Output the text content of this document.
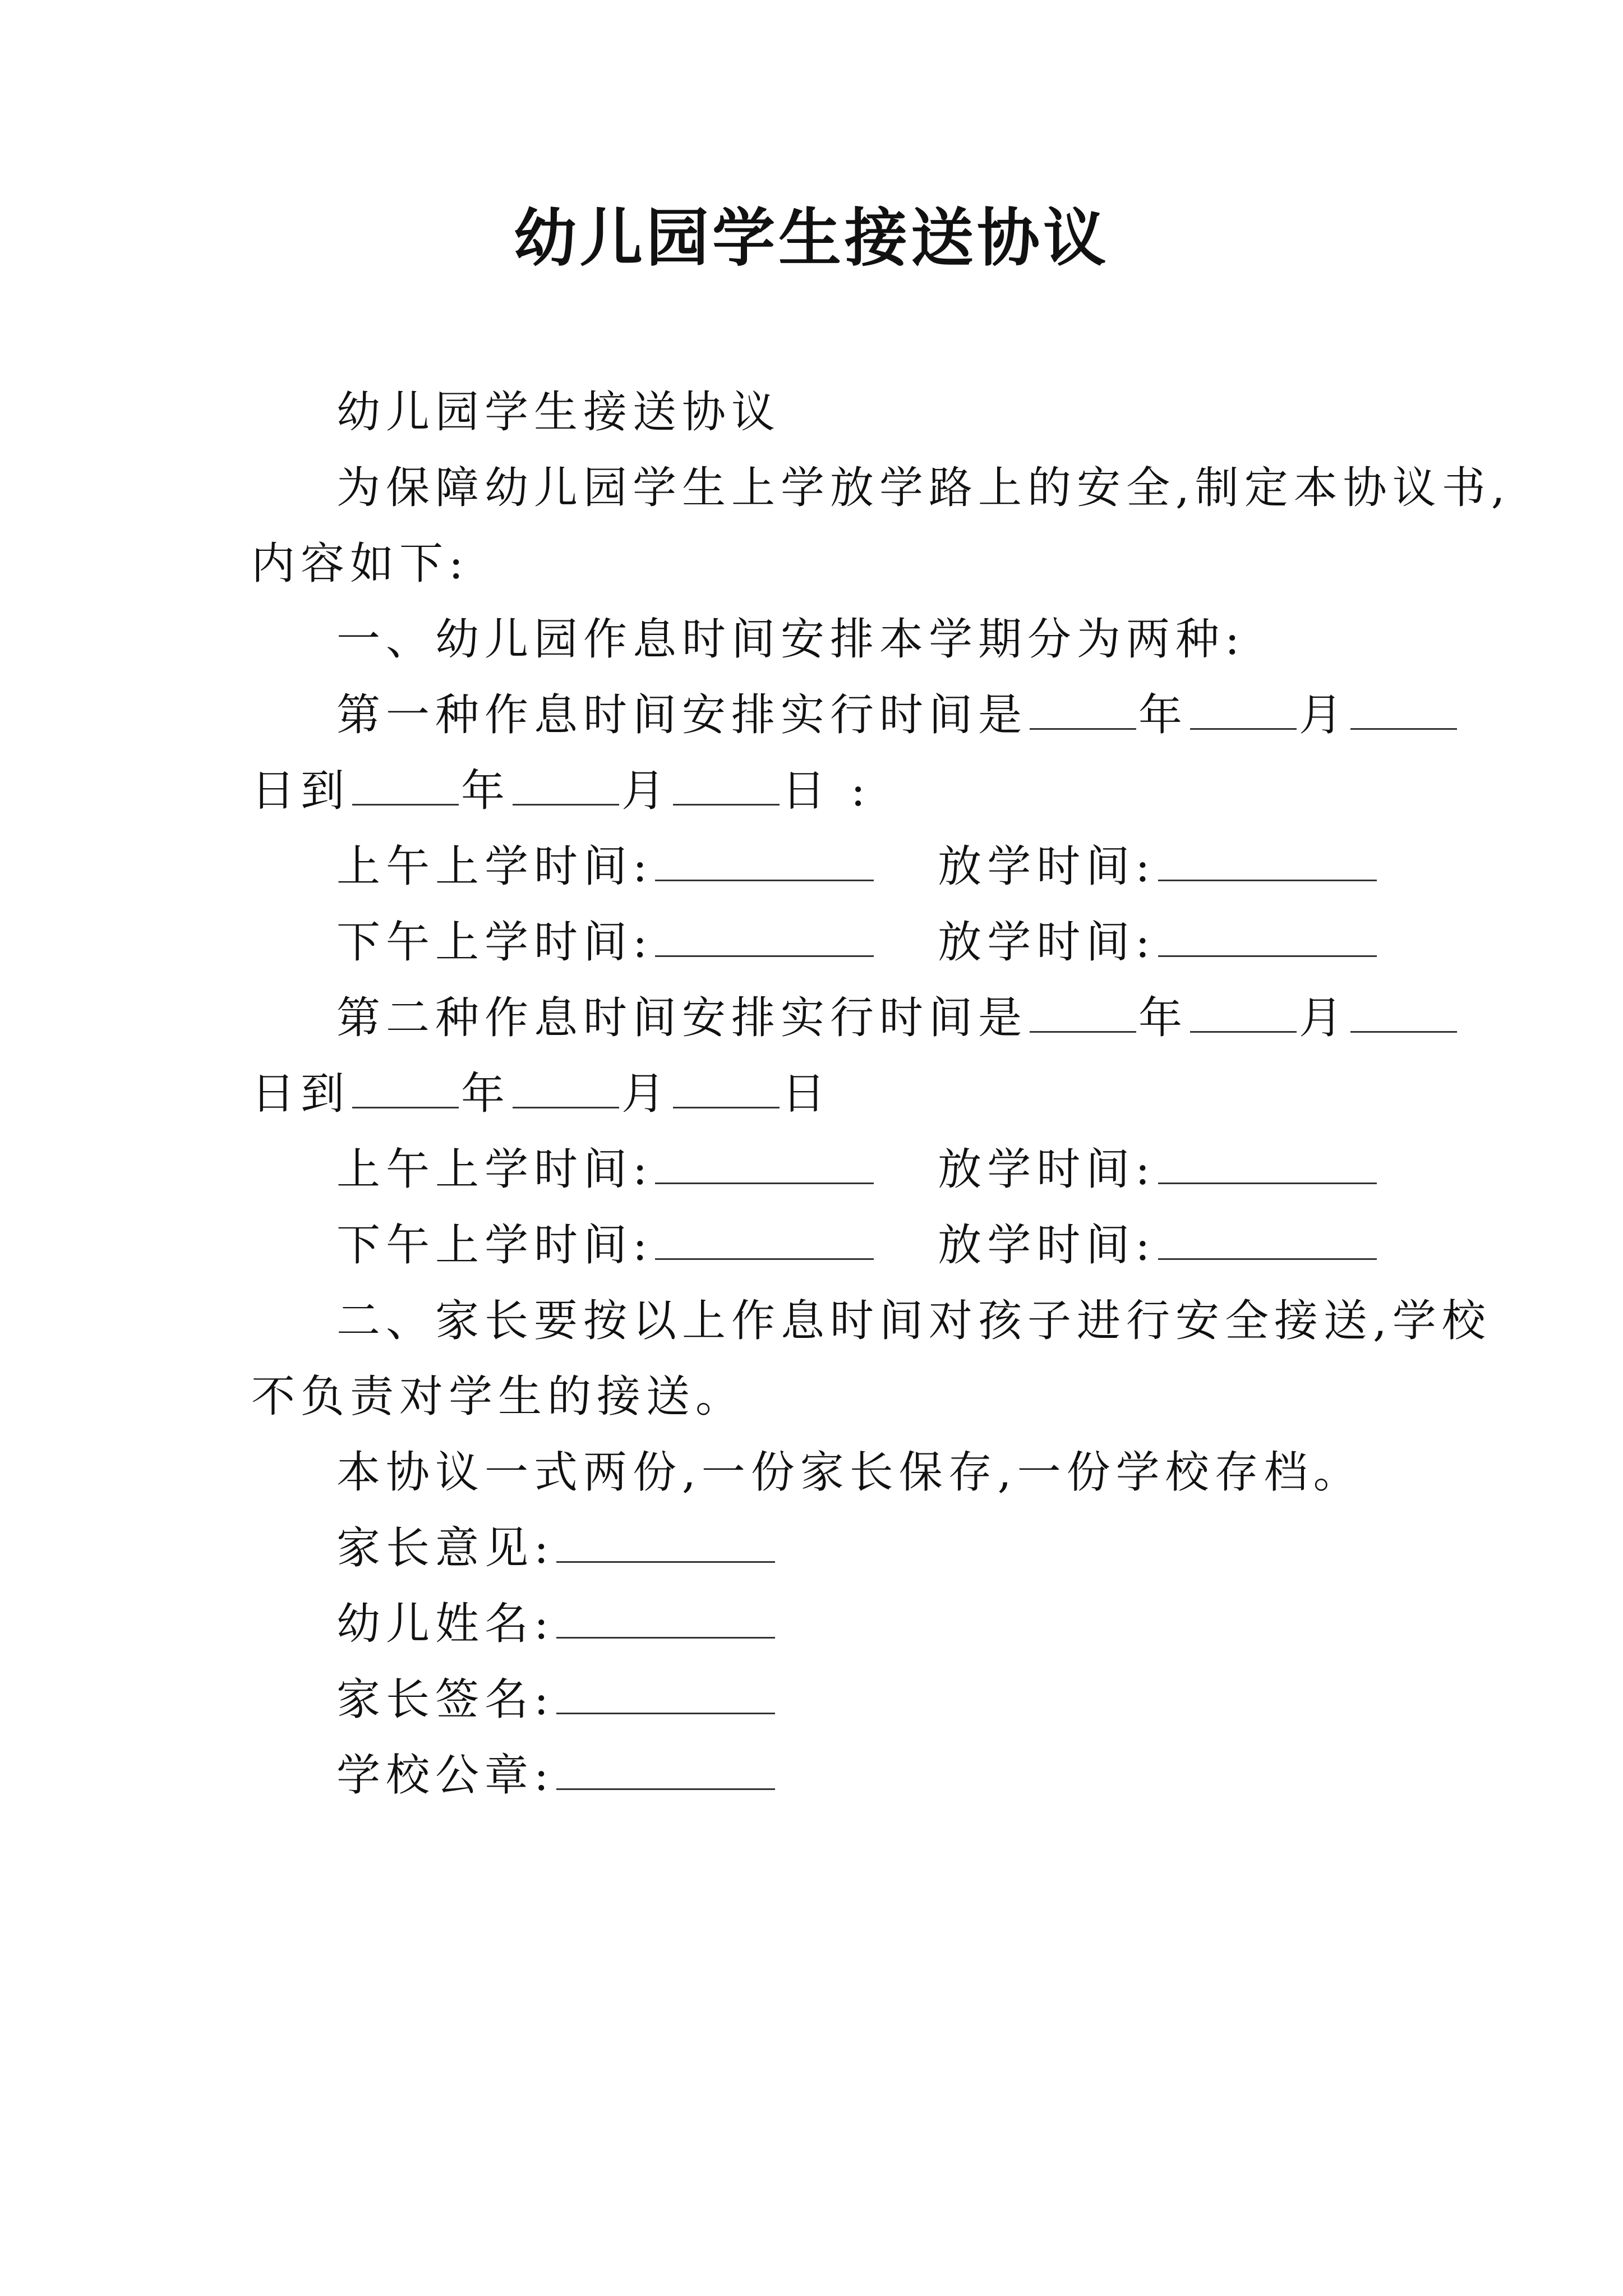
幼儿园学生接送协议
幼儿园学生接送协议
为保障幼儿园学生上学放学路上的安全,制定本协议书,
内容如下:
一、幼儿园作息时间安排本学期分为两种:
第一种作息时间安排实行时间是	年	月
日到	年	月	日 :
上午上学时间:	放学时间:
下午上学时间:	放学时间:
第二种作息时间安排实行时间是	年	月
日到	年	月	日
上午上学时间:	放学时间:
下午上学时间:	放学时间:
二、家长要按以上作息时间对孩子进行安全接送,学校
不负责对学生的接送。
本协议一式两份,一份家长保存,一份学校存档。
家长意见:
幼儿姓名:
家长签名:
学校公章:
